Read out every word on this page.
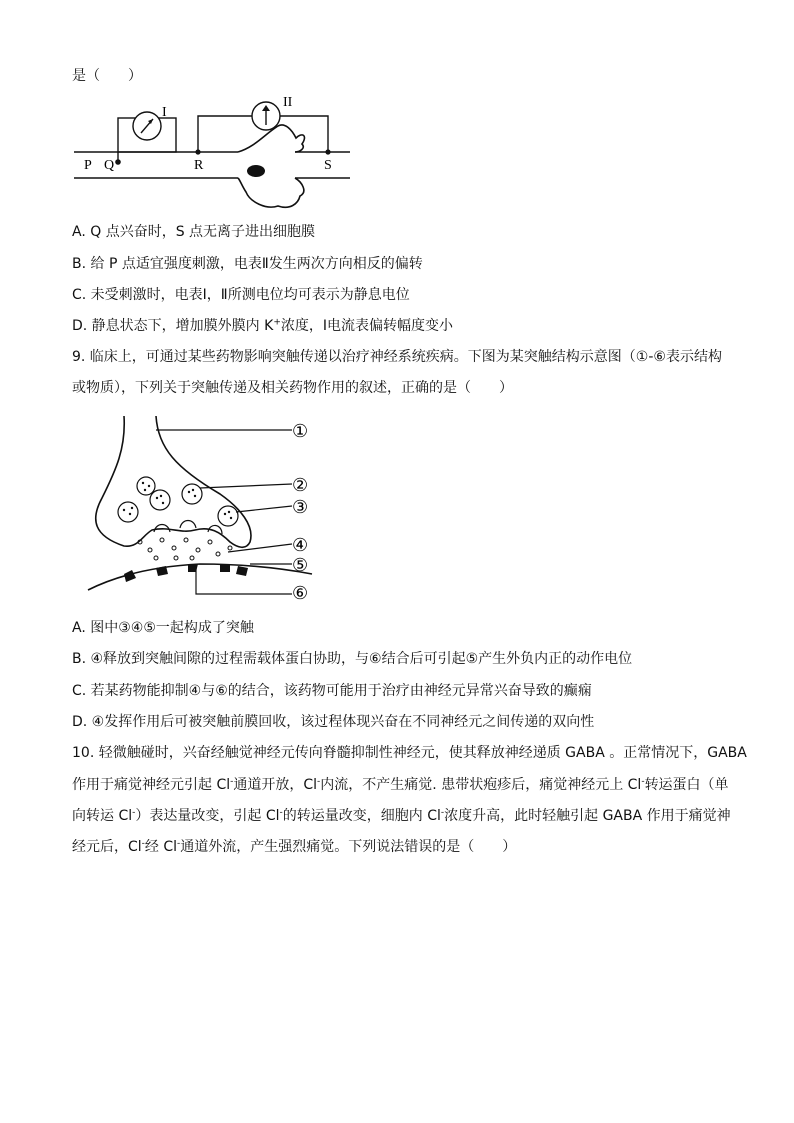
是（　　）
I
II
P Q	R	S
A. Q 点兴奋时，S 点无离子进出细胞膜
B. 给 P 点适宜强度刺激，电表Ⅱ发生两次方向相反的偏转
C. 未受刺激时，电表Ⅰ，Ⅱ所测电位均可表示为静息电位
D. 静息状态下，增加膜外膜内 K+浓度，Ⅰ电流表偏转幅度变小
9. 临床上，可通过某些药物影响突触传递以治疗神经系统疾病。下图为某突触结构示意图（①-⑥表示结构
或物质），下列关于突触传递及相关药物作用的叙述，正确的是（　　）
①
②
③
④
⑤
⑥
A. 图中③④⑤一起构成了突触
B. ④释放到突触间隙的过程需载体蛋白协助，与⑥结合后可引起⑤产生外负内正的动作电位
C. 若某药物能抑制④与⑥的结合，该药物可能用于治疗由神经元异常兴奋导致的癫痫
D. ④发挥作用后可被突触前膜回收，该过程体现兴奋在不同神经元之间传递的双向性
10. 轻微触碰时，兴奋经触觉神经元传向脊髓抑制性神经元，使其释放神经递质 GABA 。正常情况下，GABA
作用于痛觉神经元引起 Cl-通道开放，Cl-内流，不产生痛觉. 患带状疱疹后，痛觉神经元上 Cl-转运蛋白（单
向转运 Cl-）表达量改变，引起 Cl-的转运量改变，细胞内 Cl-浓度升高，此时轻触引起 GABA 作用于痛觉神
经元后，Cl-经 Cl-通道外流，产生强烈痛觉。下列说法错误的是（　　）
